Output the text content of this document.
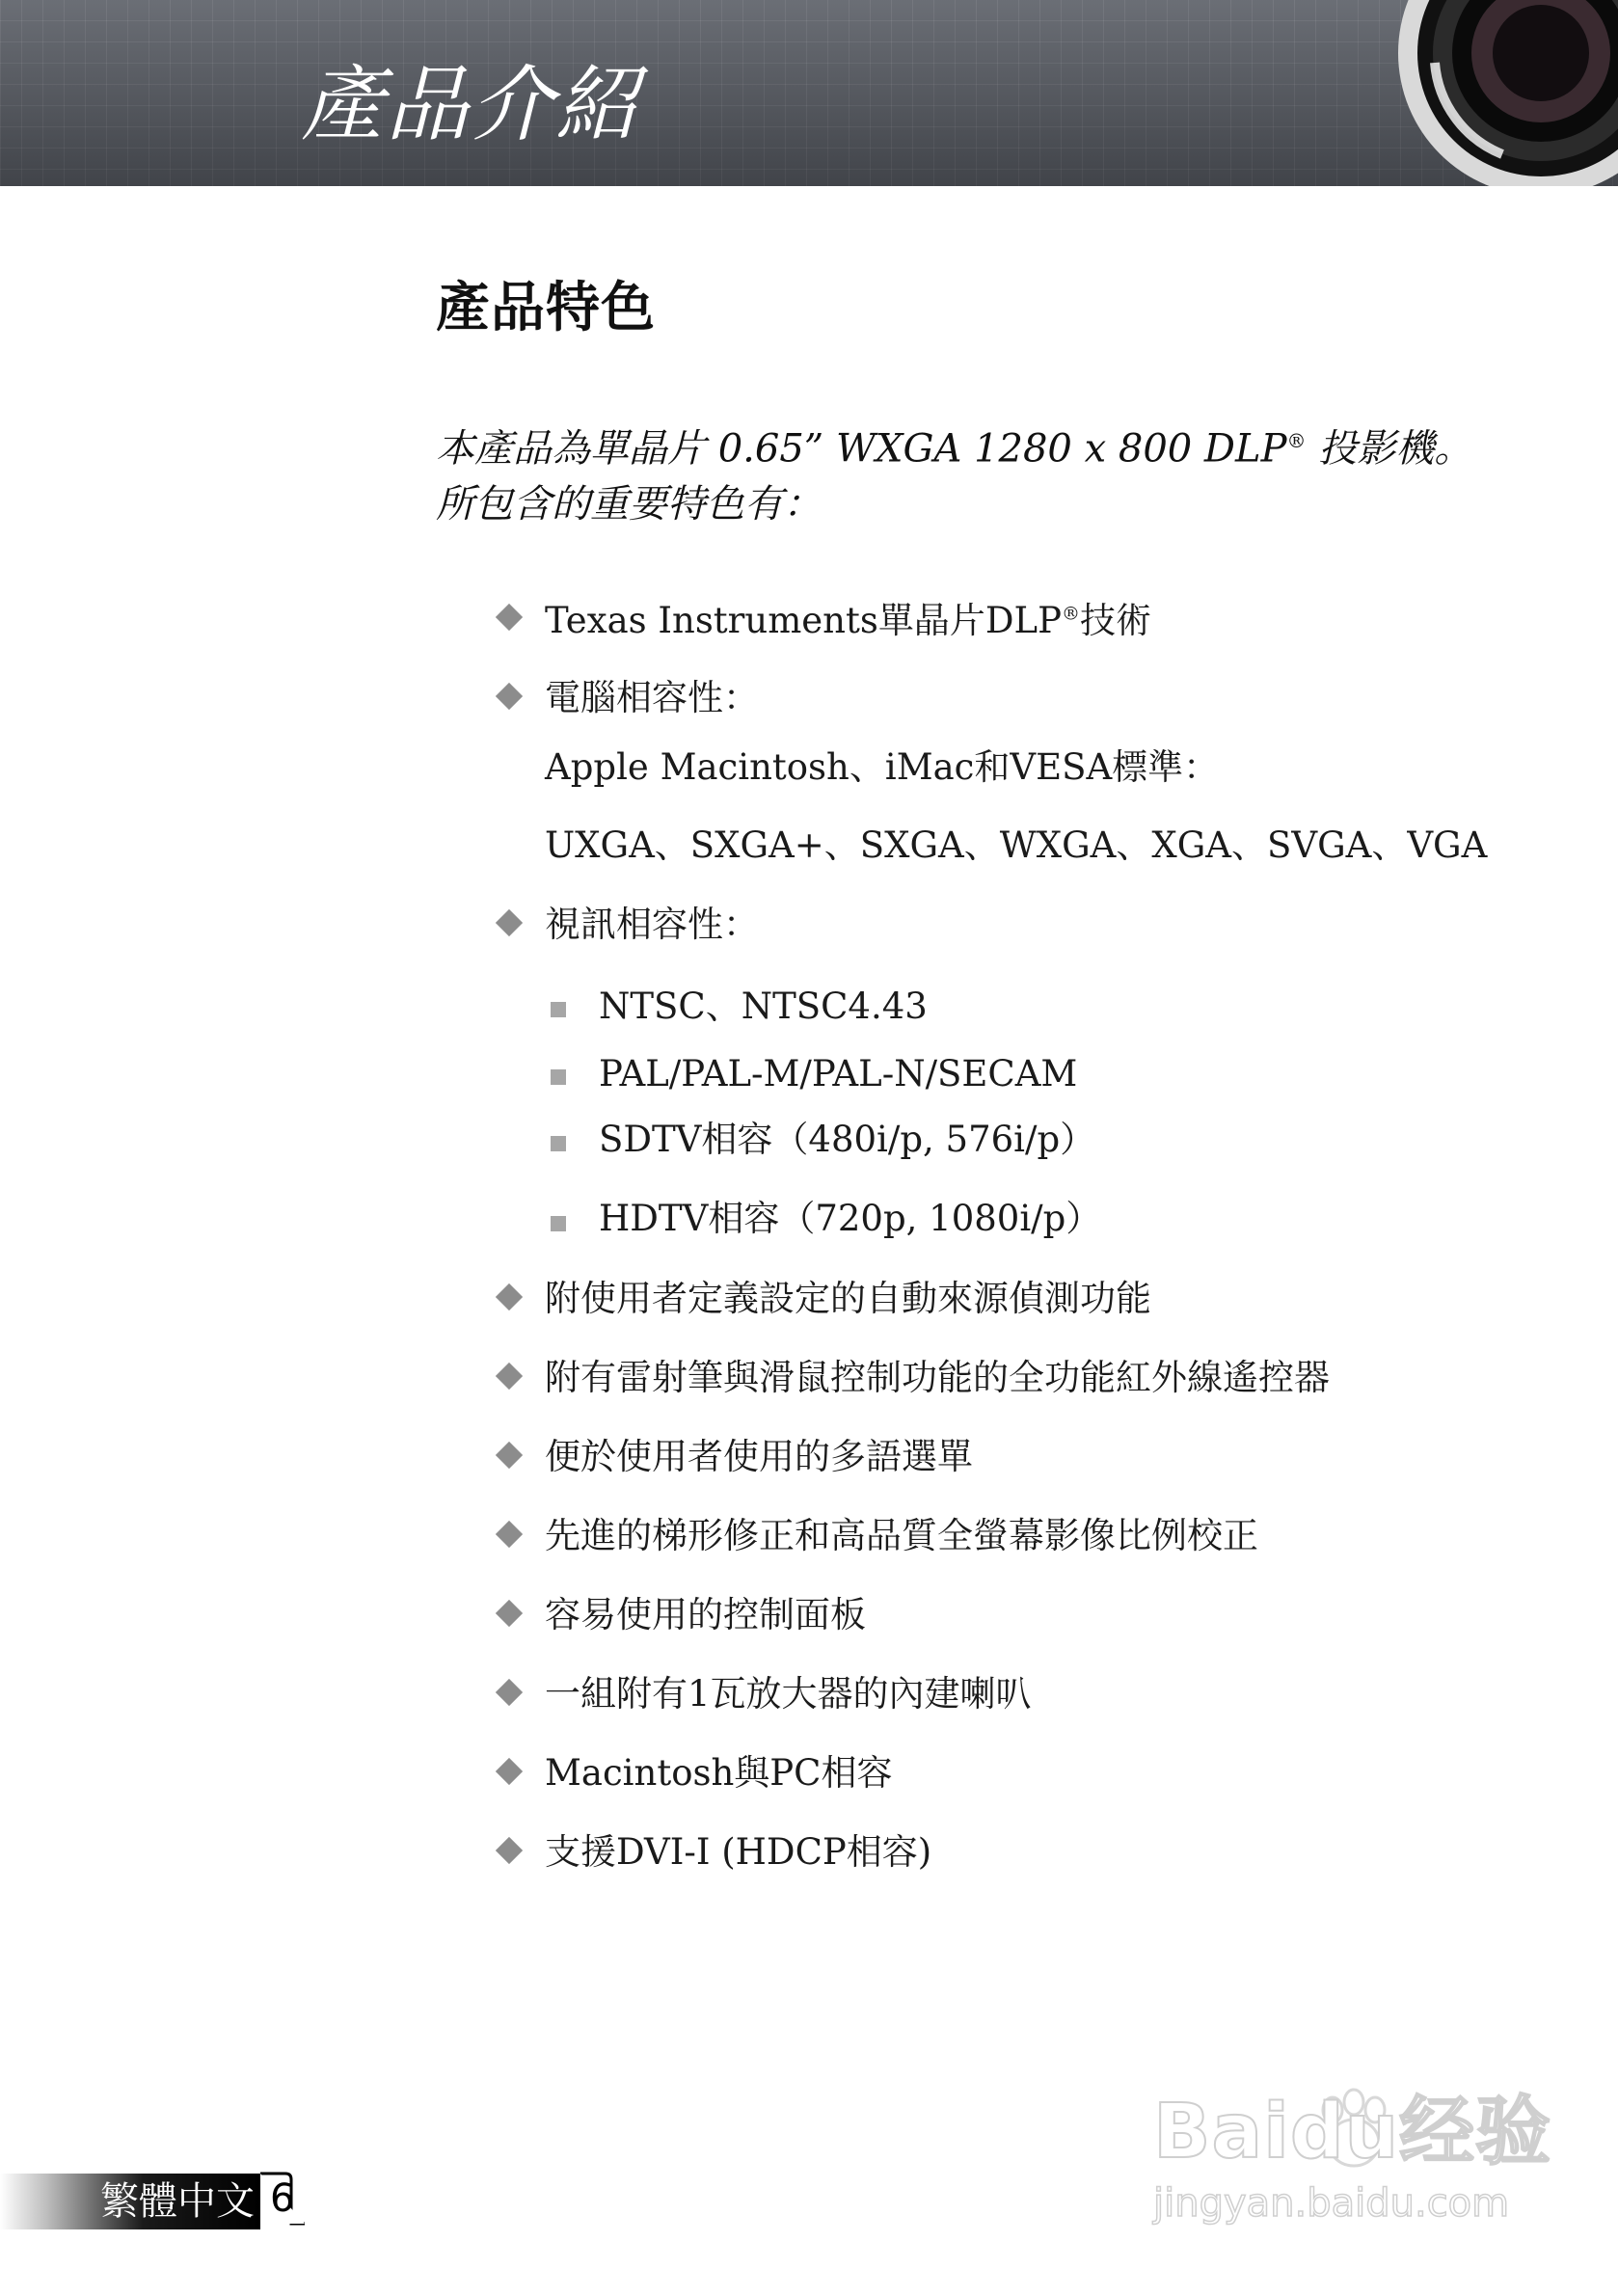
產品介紹
產品特色
本產品為單晶片 0.65” WXGA 1280 x 800 DLP® 投影機。
所包含的重要特色有：
Texas Instruments單晶片DLP®技術
電腦相容性：
Apple Macintosh、iMac和VESA標準：
UXGA、SXGA+、SXGA、WXGA、XGA、SVGA、VGA
視訊相容性：
NTSC、NTSC4.43
PAL/PAL-M/PAL-N/SECAM
SDTV相容（480i/p, 576i/p）
HDTV相容（720p, 1080i/p）
附使用者定義設定的自動來源偵測功能
附有雷射筆與滑鼠控制功能的全功能紅外線遙控器
便於使用者使用的多語選單
先進的梯形修正和高品質全螢幕影像比例校正
容易使用的控制面板
一組附有1瓦放大器的內建喇叭
Macintosh與PC相容
支援DVI-I (HDCP相容)
Baidu经验
jingyan.baidu.com
繁體中文 6
